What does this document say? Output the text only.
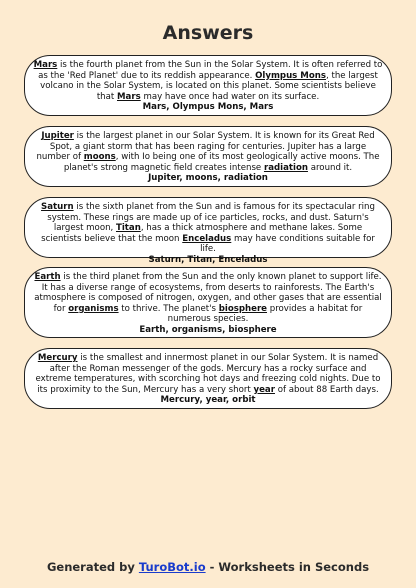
Answers
Mars is the fourth planet from the Sun in the Solar System. It is often referred to as the 'Red Planet' due to its reddish appearance. Olympus Mons, the largest volcano in the Solar System, is located on this planet. Some scientists believe that Mars may have once had water on its surface.
Mars, Olympus Mons, Mars
Jupiter is the largest planet in our Solar System. It is known for its Great Red Spot, a giant storm that has been raging for centuries. Jupiter has a large number of moons, with Io being one of its most geologically active moons. The planet's strong magnetic field creates intense radiation around it.
Jupiter, moons, radiation
Saturn is the sixth planet from the Sun and is famous for its spectacular ring system. These rings are made up of ice particles, rocks, and dust. Saturn's largest moon, Titan, has a thick atmosphere and methane lakes. Some scientists believe that the moon Enceladus may have conditions suitable for life.
Saturn, Titan, Enceladus
Earth is the third planet from the Sun and the only known planet to support life. It has a diverse range of ecosystems, from deserts to rainforests. The Earth's atmosphere is composed of nitrogen, oxygen, and other gases that are essential for organisms to thrive. The planet's biosphere provides a habitat for numerous species.
Earth, organisms, biosphere
Mercury is the smallest and innermost planet in our Solar System. It is named after the Roman messenger of the gods. Mercury has a rocky surface and extreme temperatures, with scorching hot days and freezing cold nights. Due to its proximity to the Sun, Mercury has a very short year of about 88 Earth days.
Mercury, year, orbit
Generated by TuroBot.io - Worksheets in Seconds
